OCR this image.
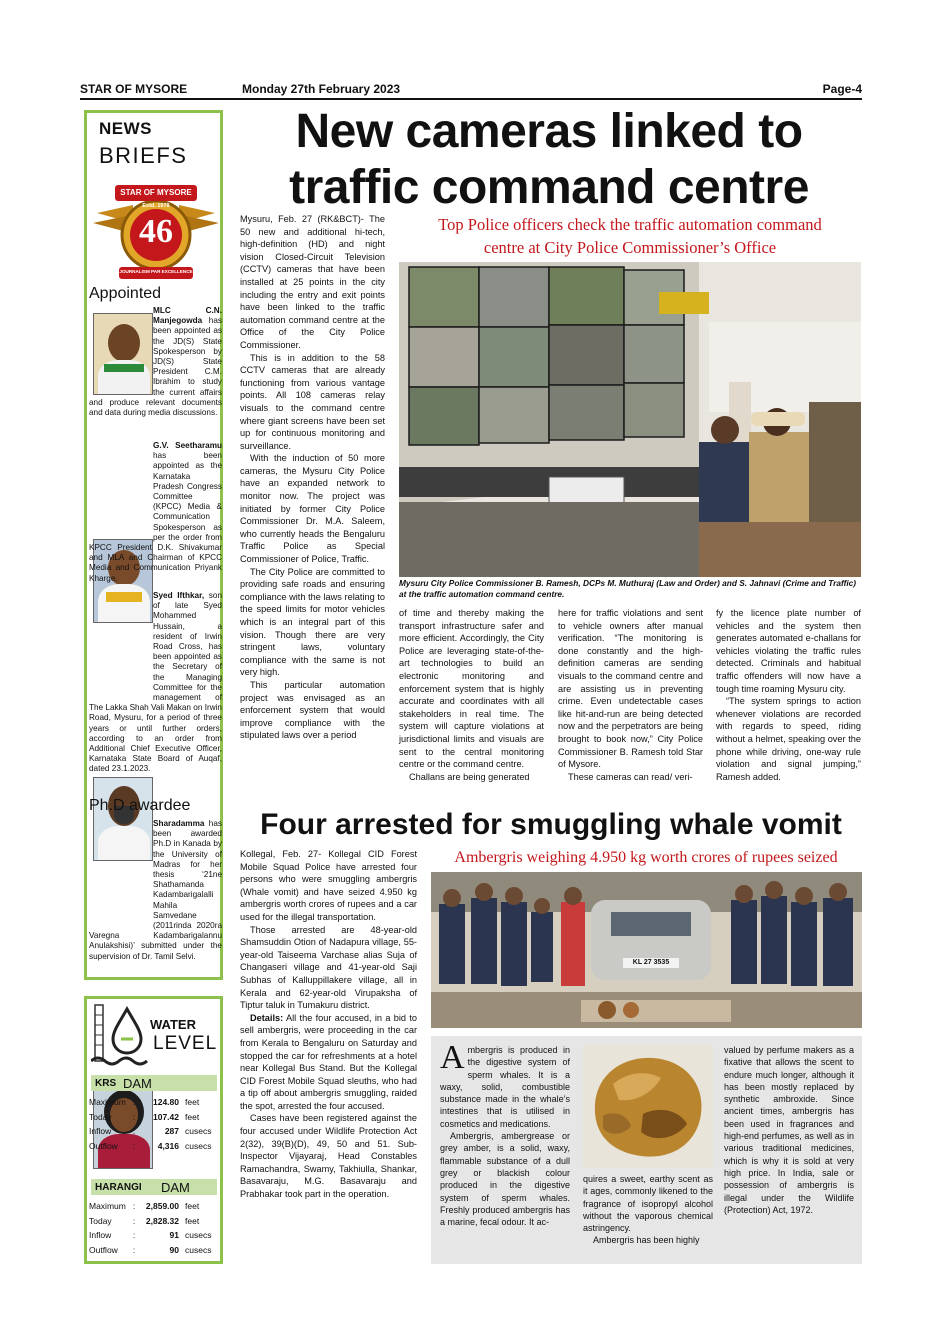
STAR OF MYSORE	Monday 27th February 2023	Page-4
NEWS
BRIEFS
STAR OF MYSORE
Estd. 1978
46
JOURNALISM PAR EXCELLENCE
Appointed
MLC C.N. Manjegowda has been appointed as the JD(S) State Spokesperson by JD(S) State President C.M. Ibrahim to study the current affairs and produce relevant documents and data during media discussions.
G.V. Seetharamu has been appointed as the Karnataka Pradesh Congress Committee (KPCC) Media & Communication Spokesperson as per the order from KPCC President D.K. Shivakumar and MLA and Chairman of KPCC Media and Communication Priyank Kharge.
Syed Ifthkar, son of late Syed Mohammed Hussain, a resident of Irwin Road Cross, has been appointed as the Secretary of the Managing Committee for the management of The Lakka Shah Vali Makan on Irwin Road, Mysuru, for a period of three years or until further orders, according to an order from Additional Chief Executive Officer, Karnataka State Board of Auqaf, dated 23.1.2023.
Ph.D awardee
Sharadamma has been awarded Ph.D in Kanada by the University of Madras for her thesis ‘21ne Shathamanda Kadambarigalalli Mahila Samvedane (2011rinda 2020ra Varegna Kadambarigalannu Anulakshisi)’ submitted under the supervision of Dr. Tamil Selvi.
WATER
LEVEL
KRS DAM
Maximum :	124.80 feet
Today	:	107.42 feet
Inflow	:	287 cusecs
Outflow	:	4,316 cusecs
HARANGI DAM
Maximum :	2,859.00 feet
Today	:	2,828.32 feet
Inflow	:	91 cusecs
Outflow	:	90 cusecs
New cameras linked to
traffic command centre
Top Police officers check the traffic automation command
centre at City Police Commissioner’s Office

Mysuru, Feb. 27 (RK&BCT)- The 50 new and additional hi-tech, high-definition (HD) and night vision Closed-Circuit Television (CCTV) cameras that have been installed at 25 points in the city including the entry and exit points have been linked to the traffic automation command centre at the Office of the City Police Commissioner.

This is in addition to the 58 CCTV cameras that are already functioning from various vantage points. All 108 cameras relay visuals to the command centre where giant screens have been set up for continuous monitoring and surveillance.

With the induction of 50 more cameras, the Mysuru City Police have an expanded network to monitor now. The project was initiated by former City Police Commissioner Dr. M.A. Saleem, who currently heads the Bengaluru Traffic Police as Special Commissioner of Police, Traffic.

The City Police are committed to providing safe roads and ensuring compliance with the laws relating to the speed limits for motor vehicles which is an integral part of this vision. Though there are very stringent laws, voluntary compliance with the same is not very high.

This particular automation project was envisaged as an enforcement system that would improve compliance with the stipulated laws over a period

Mysuru City Police Commissioner B. Ramesh, DCPs M. Muthuraj (Law and Order) and S. Jahnavi (Crime and Traffic) at the traffic automation command centre.

of time and thereby making the transport infrastructure safer and more efficient. Accordingly, the City Police are leveraging state-of-the-art technologies to build an electronic monitoring and enforcement system that is highly accurate and coordinates with all stakeholders in real time. The system will capture violations at jurisdictional limits and visuals are sent to the central monitoring centre or the command centre.

Challans are being generated

here for traffic violations and sent to vehicle owners after manual verification. “The monitoring is done constantly and the high-definition cameras are sending visuals to the command centre and are assisting us in preventing crime. Even undetectable cases like hit-and-run are being detected now and the perpetrators are being brought to book now,” City Police Commissioner B. Ramesh told Star of Mysore.

These cameras can read/ veri-

fy the licence plate number of vehicles and the system then generates automated e-challans for vehicles violating the traffic rules detected. Criminals and habitual traffic offenders will now have a tough time roaming Mysuru city.

“The system springs to action whenever violations are recorded with regards to speed, riding without a helmet, speaking over the phone while driving, one-way rule violation and signal jumping,” Ramesh added.

Four arrested for smuggling whale vomit
Ambergris weighing 4.950 kg worth crores of rupees seized

Kollegal, Feb. 27- Kollegal CID Forest Mobile Squad Police have arrested four persons who were smuggling ambergris (Whale vomit) and have seized 4.950 kg ambergris worth crores of rupees and a car used for the illegal transportation.

Those arrested are 48-year-old Shamsuddin Otion of Nadapura village, 55-year-old Taiseema Varchase alias Suja of Changaseri village and 41-year-old Saji Subhas of Kalluppillakere village, all in Kerala and 62-year-old Virupaksha of Tiptur taluk in Tumakuru district.

Details: All the four accused, in a bid to sell ambergris, were proceeding in the car from Kerala to Bengaluru on Saturday and stopped the car for refreshments at a hotel near Kollegal Bus Stand. But the Kollegal CID Forest Mobile Squad sleuths, who had a tip off about ambergris smuggling, raided the spot, arrested the four accused.

Cases have been registered against the four accused under Wildlife Protection Act 2(32), 39(B)(D), 49, 50 and 51. Sub-Inspector Vijayaraj, Head Constables Ramachandra, Swamy, Takhiulla, Shankar, Basavaraju, M.G. Basavaraju and Prabhakar took part in the operation.

KL 27 3535

Ambergris is produced in the digestive system of sperm whales. It is a waxy, solid, combustible substance made in the whale’s intestines that is utilised in cosmetics and medications.

Ambergris, ambergrease or grey amber, is a solid, waxy, flammable substance of a dull grey or blackish colour produced in the digestive system of sperm whales. Freshly produced ambergris has a marine, fecal odour. It ac-

quires a sweet, earthy scent as it ages, commonly likened to the fragrance of isopropyl alcohol without the vaporous chemical astringency.

Ambergris has been highly

valued by perfume makers as a fixative that allows the scent to endure much longer, although it has been mostly replaced by synthetic ambroxide. Since ancient times, ambergris has been used in fragrances and high-end perfumes, as well as in various traditional medicines, which is why it is sold at very high price. In India, sale or possession of ambergris is illegal under the Wildlife (Protection) Act, 1972.
